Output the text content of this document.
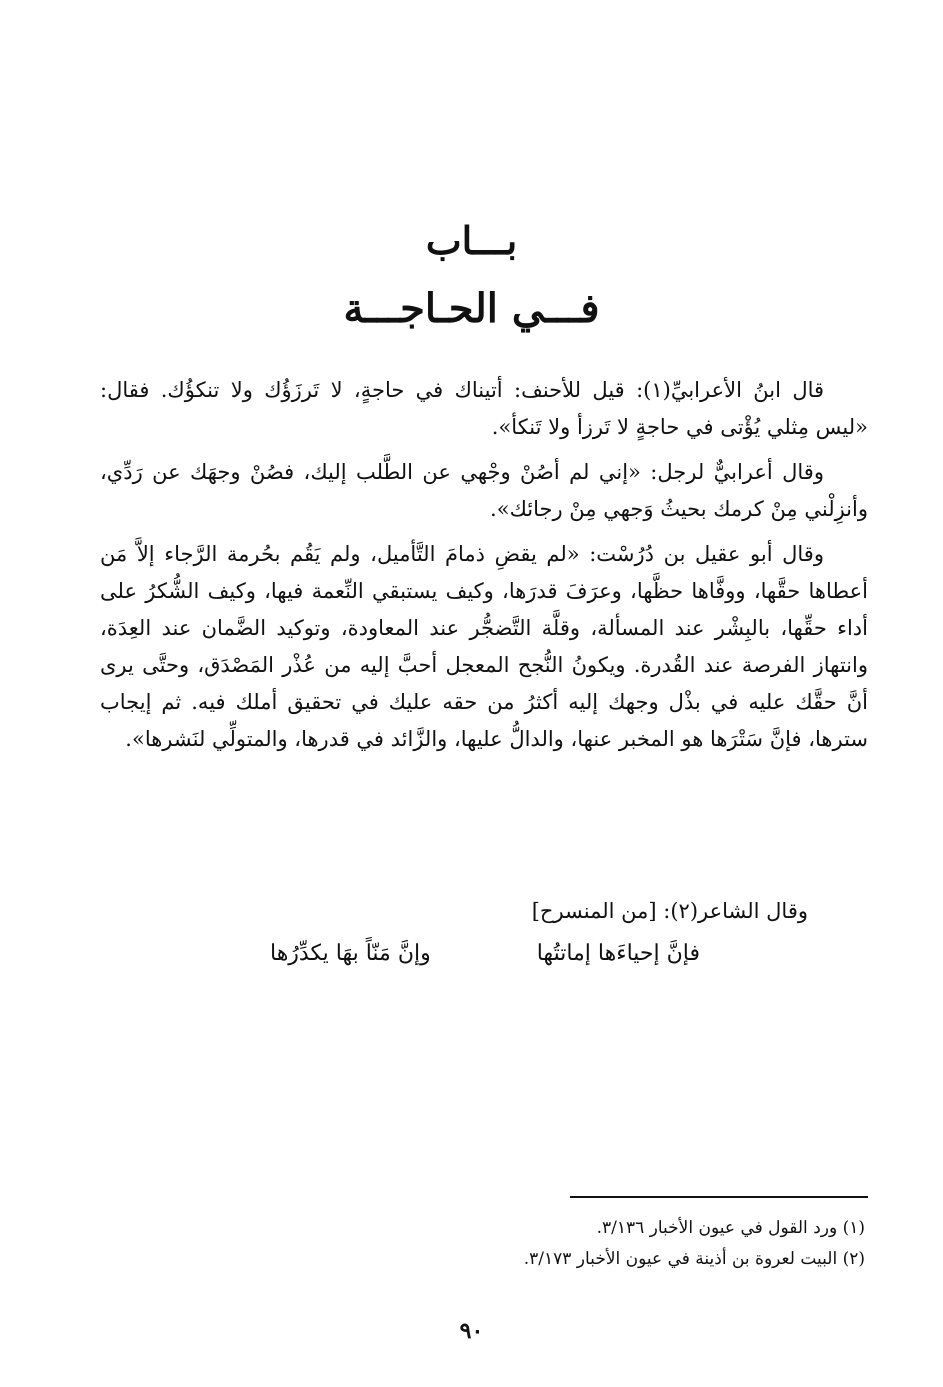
بـــاب
فـــي الحـاجـــة

قال ابنُ الأعرابيِّ(١): قيل للأحنف: أتيناك في حاجةٍ، لا تَرزَؤُك ولا تنكؤُك. فقال: «ليس مِثلي يُؤْتى في حاجةٍ لا تَرزأ ولا تَنكأ».

وقال أعرابيٌّ لرجل: «إني لم أصُنْ وجْهي عن الطَّلب إليك، فصُنْ وجهَك عن رَدِّي، وأنزِلْني مِنْ كرمك بحيثُ وَجهي مِنْ رجائك».

وقال أبو عقيل بن دُرُسْت: «لم يقضِ ذمامَ التَّأميل، ولم يَقُم بحُرمة الرَّجاء إلاَّ مَن أعطاها حقَّها، ووفَّاها حظَّها، وعرَفَ قدرَها، وكيف يستبقي النِّعمة فيها، وكيف الشُّكرُ على أداء حقِّها، بالبِشْر عند المسألة، وقلَّة التَّضجُّر عند المعاودة، وتوكيد الضَّمان عند العِدَة، وانتهاز الفرصة عند القُدرة. ويكونُ النُّجح المعجل أحبَّ إليه من عُذْر المَصْدَق، وحتَّى يرى أنَّ حقَّك عليه في بذْل وجهك إليه أكثرُ من حقه عليك في تحقيق أملك فيه. ثم إيجاب سترها، فإنَّ سَتْرَها هو المخبر عنها، والدالُّ عليها، والزَّائد في قدرها، والمتولِّي لنَشرها».

وقال الشاعر(٢): [من المنسرح]
فإنَّ إحياءَها إماتتُها
وإنَّ مَنّاً بهَا يكدِّرُها
(١) ورد القول في عيون الأخبار ٣/١٣٦.
(٢) البيت لعروة بن أذينة في عيون الأخبار ٣/١٧٣.
٩٠
